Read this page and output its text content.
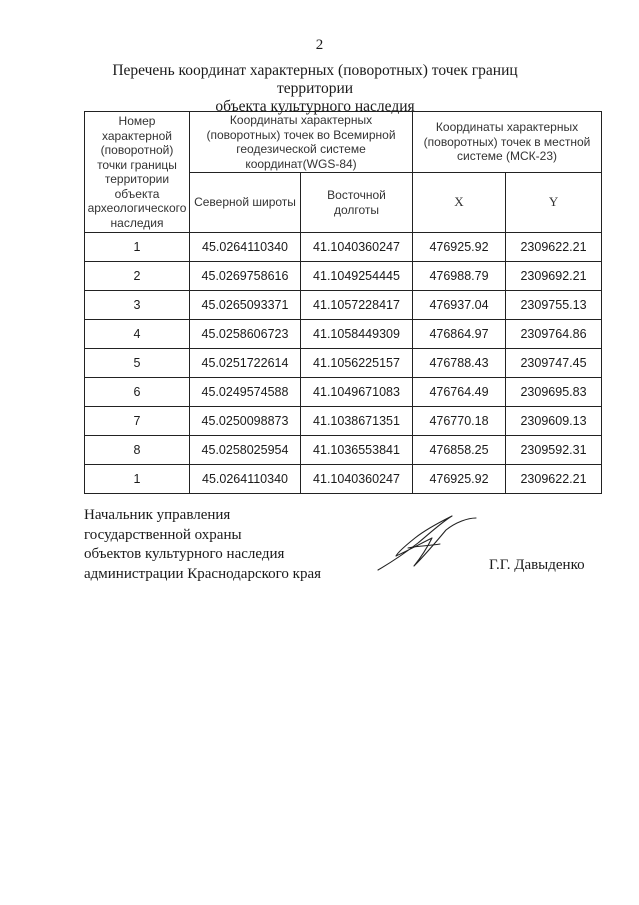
2
Перечень координат характерных (поворотных) точек границ территории
объекта культурного наследия
Номер характерной (поворотной) точки границы территории объекта археологического наследия	Координаты характерных (поворотных) точек во Всемирной геодезической системе координат(WGS-84)		Координаты характерных (поворотных) точек в местной системе (МСК-23)	
	Северной широты	Восточной долготы	X	Y
1	45.0264110340	41.1040360247	476925.92	2309622.21
2	45.0269758616	41.1049254445	476988.79	2309692.21
3	45.0265093371	41.1057228417	476937.04	2309755.13
4	45.0258606723	41.1058449309	476864.97	2309764.86
5	45.0251722614	41.1056225157	476788.43	2309747.45
6	45.0249574588	41.1049671083	476764.49	2309695.83
7	45.0250098873	41.1038671351	476770.18	2309609.13
8	45.0258025954	41.1036553841	476858.25	2309592.31
1	45.0264110340	41.1040360247	476925.92	2309622.21
Начальник управления
государственной охраны
объектов культурного наследия
администрации Краснодарского края
Г.Г. Давыденко
